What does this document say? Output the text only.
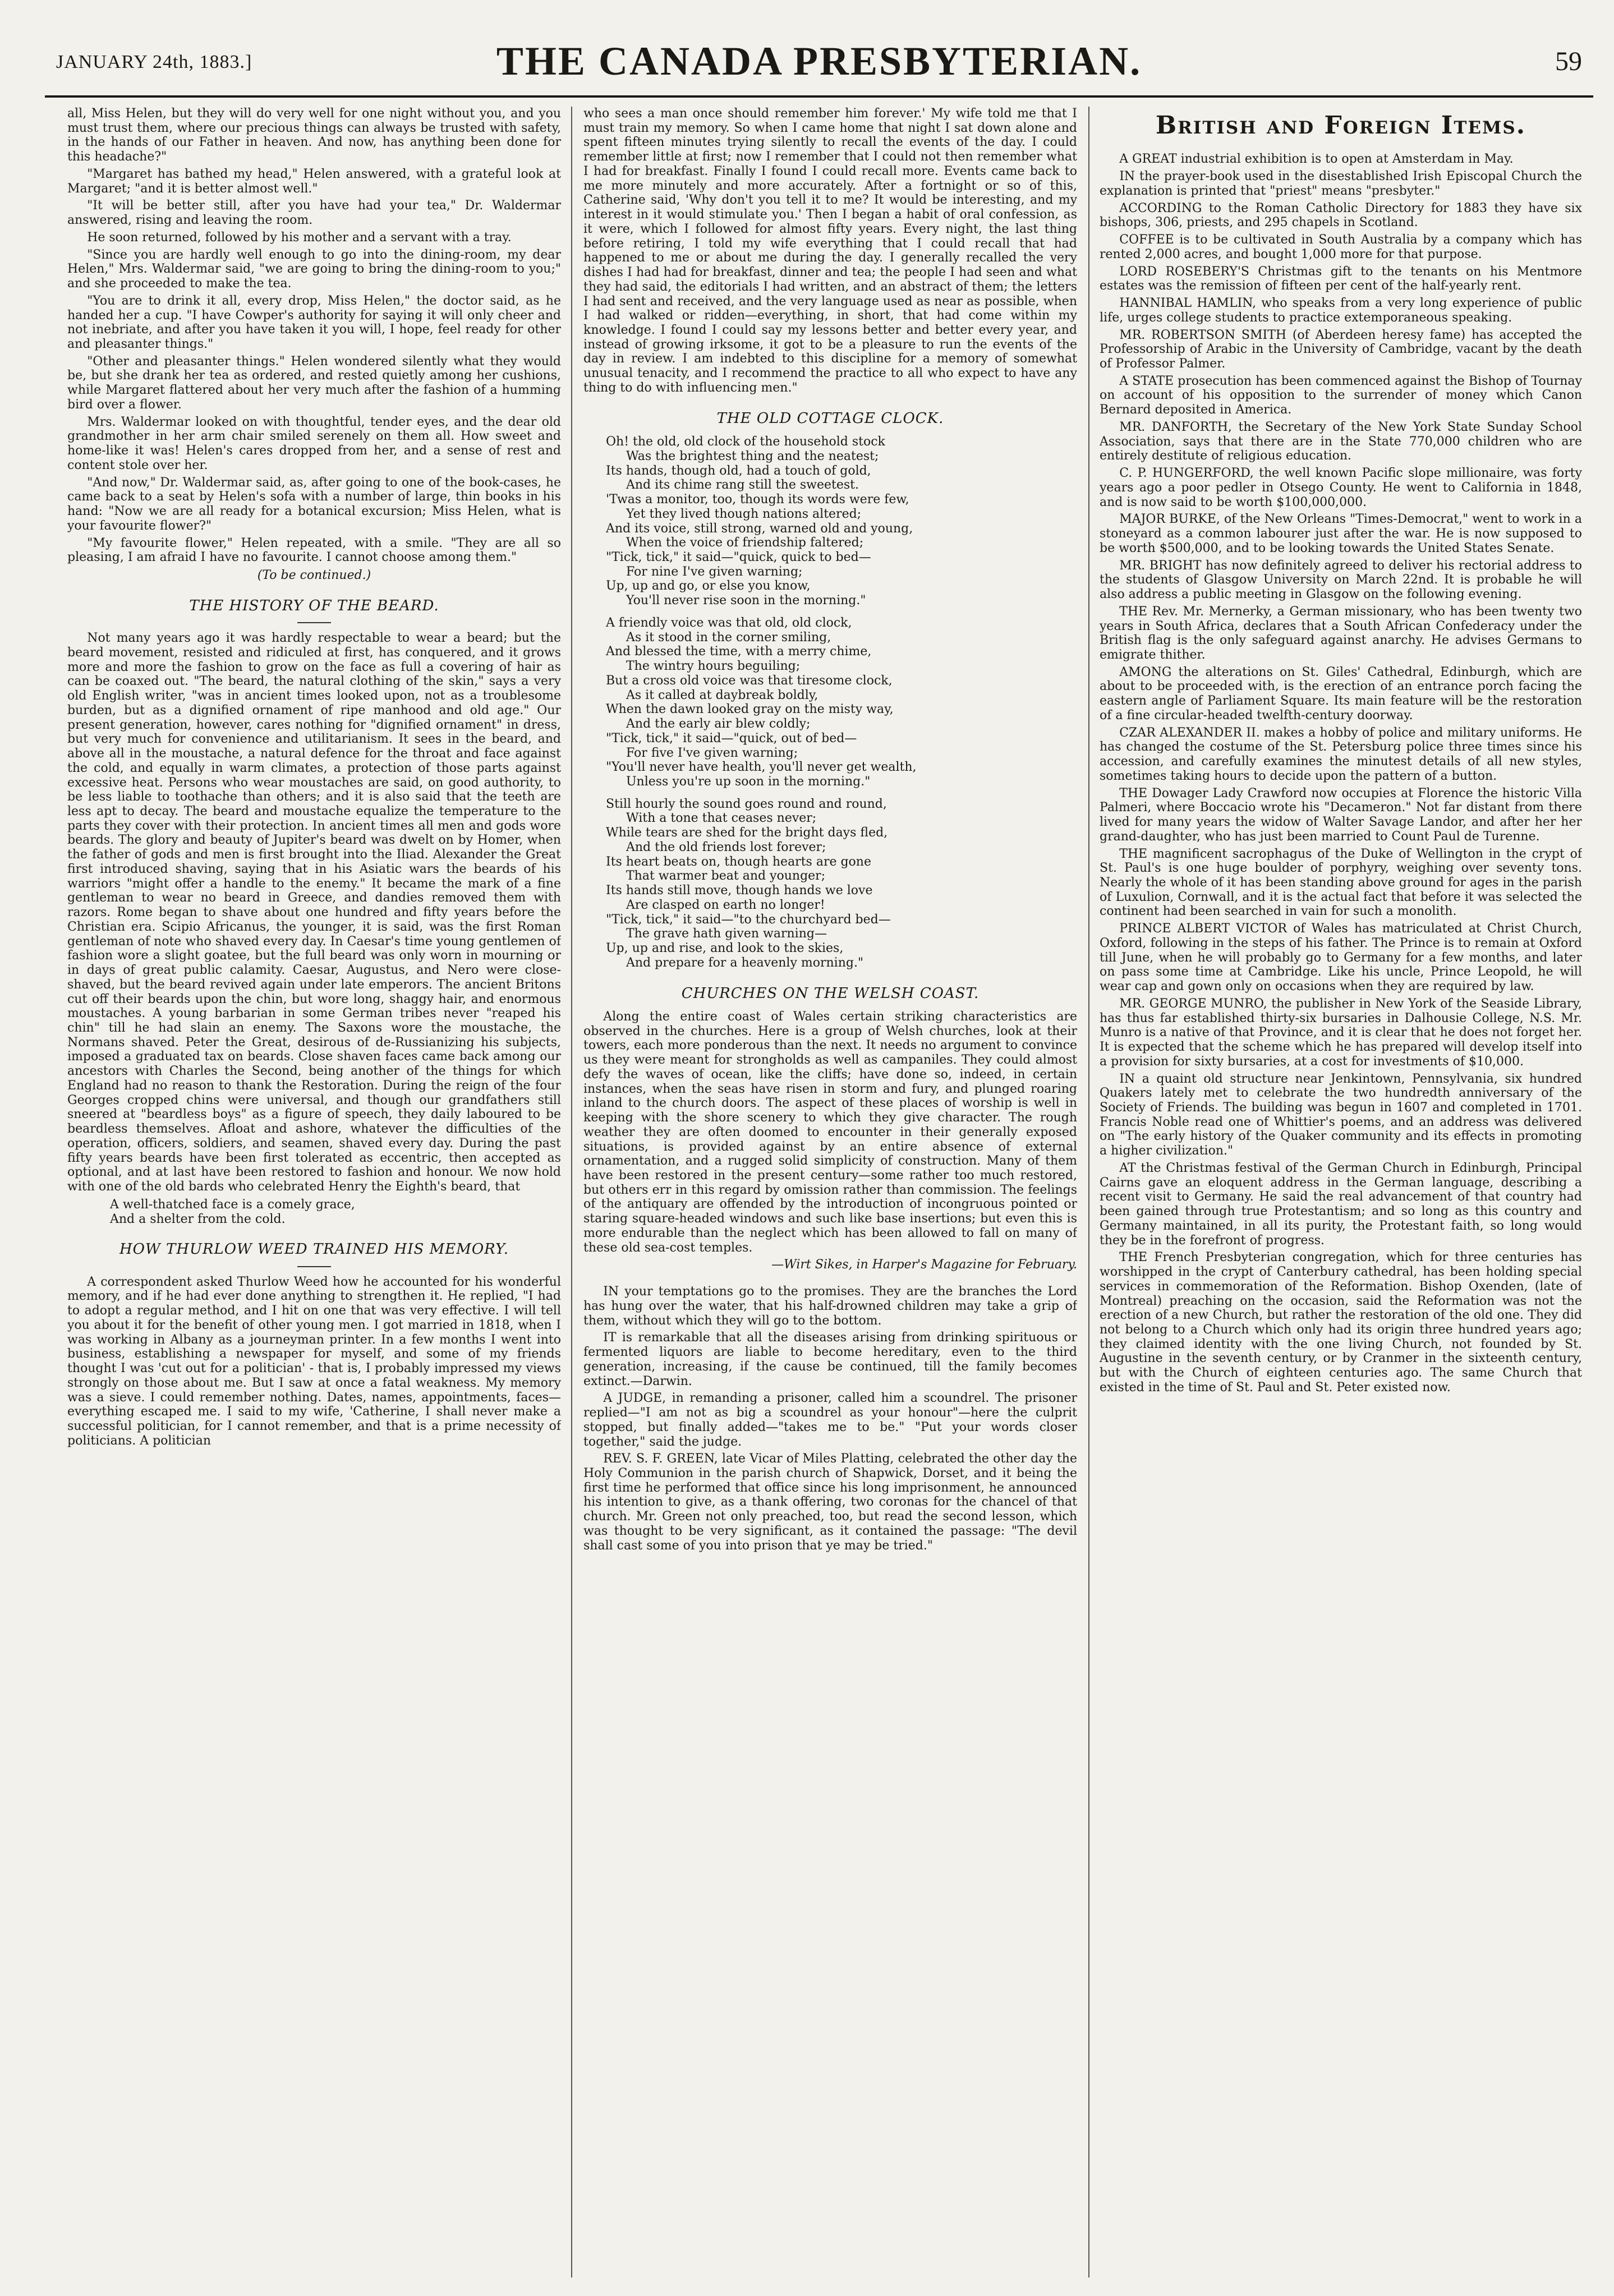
JANUARY 24th, 1883.]	THE CANADA PRESBYTERIAN.	59

all, Miss Helen, but they will do very well for one night without you, and you must trust them, where our precious things can always be trusted with safety, in the hands of our Father in heaven. And now, has anything been done for this headache?"

"Margaret has bathed my head," Helen answered, with a grateful look at Margaret; "and it is better almost well."

"It will be better still, after you have had your tea," Dr. Waldermar answered, rising and leaving the room.

He soon returned, followed by his mother and a servant with a tray.

"Since you are hardly well enough to go into the dining-room, my dear Helen," Mrs. Waldermar said, "we are going to bring the dining-room to you;" and she proceeded to make the tea.

"You are to drink it all, every drop, Miss Helen," the doctor said, as he handed her a cup. "I have Cowper's authority for saying it will only cheer and not inebriate, and after you have taken it you will, I hope, feel ready for other and pleasanter things."

"Other and pleasanter things." Helen wondered silently what they would be, but she drank her tea as ordered, and rested quietly among her cushions, while Margaret flattered about her very much after the fashion of a humming bird over a flower.

Mrs. Waldermar looked on with thoughtful, tender eyes, and the dear old grandmother in her arm chair smiled serenely on them all. How sweet and home-like it was! Helen's cares dropped from her, and a sense of rest and content stole over her.

"And now," Dr. Waldermar said, as, after going to one of the book-cases, he came back to a seat by Helen's sofa with a number of large, thin books in his hand: "Now we are all ready for a botanical excursion; Miss Helen, what is your favourite flower?"

"My favourite flower," Helen repeated, with a smile. "They are all so pleasing, I am afraid I have no favourite. I cannot choose among them."

(To be continued.)
THE HISTORY OF THE BEARD.

Not many years ago it was hardly respectable to wear a beard; but the beard movement, resisted and ridiculed at first, has conquered, and it grows more and more the fashion to grow on the face as full a covering of hair as can be coaxed out. "The beard, the natural clothing of the skin," says a very old English writer, "was in ancient times looked upon, not as a troublesome burden, but as a dignified ornament of ripe manhood and old age." Our present generation, however, cares nothing for "dignified ornament" in dress, but very much for convenience and utilitarianism. It sees in the beard, and above all in the moustache, a natural defence for the throat and face against the cold, and equally in warm climates, a protection of those parts against excessive heat. Persons who wear moustaches are said, on good authority, to be less liable to toothache than others; and it is also said that the teeth are less apt to decay. The beard and moustache equalize the temperature to the parts they cover with their protection. In ancient times all men and gods wore beards. The glory and beauty of Jupiter's beard was dwelt on by Homer, when the father of gods and men is first brought into the Iliad. Alexander the Great first introduced shaving, saying that in his Asiatic wars the beards of his warriors "might offer a handle to the enemy." It became the mark of a fine gentleman to wear no beard in Greece, and dandies removed them with razors. Rome began to shave about one hundred and fifty years before the Christian era. Scipio Africanus, the younger, it is said, was the first Roman gentleman of note who shaved every day. In Caesar's time young gentlemen of fashion wore a slight goatee, but the full beard was only worn in mourning or in days of great public calamity. Caesar, Augustus, and Nero were close-shaved, but the beard revived again under late emperors. The ancient Britons cut off their beards upon the chin, but wore long, shaggy hair, and enormous moustaches. A young barbarian in some German tribes never "reaped his chin" till he had slain an enemy. The Saxons wore the moustache, the Normans shaved. Peter the Great, desirous of de-Russianizing his subjects, imposed a graduated tax on beards. Close shaven faces came back among our ancestors with Charles the Second, being another of the things for which England had no reason to thank the Restoration. During the reign of the four Georges cropped chins were universal, and though our grandfathers still sneered at "beardless boys" as a figure of speech, they daily laboured to be beardless themselves. Afloat and ashore, whatever the difficulties of the operation, officers, soldiers, and seamen, shaved every day. During the past fifty years beards have been first tolerated as eccentric, then accepted as optional, and at last have been restored to fashion and honour. We now hold with one of the old bards who celebrated Henry the Eighth's beard, that

A well-thatched face is a comely grace,
And a shelter from the cold.
HOW THURLOW WEED TRAINED HIS MEMORY.

A correspondent asked Thurlow Weed how he accounted for his wonderful memory, and if he had ever done anything to strengthen it. He replied, "I had to adopt a regular method, and I hit on one that was very effective. I will tell you about it for the benefit of other young men. I got married in 1818, when I was working in Albany as a journeyman printer. In a few months I went into business, establishing a newspaper for myself, and some of my friends thought I was 'cut out for a politician' - that is, I probably impressed my views strongly on those about me. But I saw at once a fatal weakness. My memory was a sieve. I could remember nothing. Dates, names, appointments, faces—everything escaped me. I said to my wife, 'Catherine, I shall never make a successful politician, for I cannot remember, and that is a prime necessity of politicians. A politician

who sees a man once should remember him forever.' My wife told me that I must train my memory. So when I came home that night I sat down alone and spent fifteen minutes trying silently to recall the events of the day. I could remember little at first; now I remember that I could not then remember what I had for breakfast. Finally I found I could recall more. Events came back to me more minutely and more accurately. After a fortnight or so of this, Catherine said, 'Why don't you tell it to me? It would be interesting, and my interest in it would stimulate you.' Then I began a habit of oral confession, as it were, which I followed for almost fifty years. Every night, the last thing before retiring, I told my wife everything that I could recall that had happened to me or about me during the day. I generally recalled the very dishes I had had for breakfast, dinner and tea; the people I had seen and what they had said, the editorials I had written, and an abstract of them; the letters I had sent and received, and the very language used as near as possible, when I had walked or ridden—everything, in short, that had come within my knowledge. I found I could say my lessons better and better every year, and instead of growing irksome, it got to be a pleasure to run the events of the day in review. I am indebted to this discipline for a memory of somewhat unusual tenacity, and I recommend the practice to all who expect to have any thing to do with influencing men."

THE OLD COTTAGE CLOCK.
Oh! the old, old clock of the household stock
Was the brightest thing and the neatest;
Its hands, though old, had a touch of gold,
And its chime rang still the sweetest.
'Twas a monitor, too, though its words were few,
Yet they lived though nations altered;
And its voice, still strong, warned old and young,
When the voice of friendship faltered;
"Tick, tick," it said—"quick, quick to bed—
For nine I've given warning;
Up, up and go, or else you know,
You'll never rise soon in the morning."
A friendly voice was that old, old clock,
As it stood in the corner smiling,
And blessed the time, with a merry chime,
The wintry hours beguiling;
But a cross old voice was that tiresome clock,
As it called at daybreak boldly,
When the dawn looked gray on the misty way,
And the early air blew coldly;
"Tick, tick," it said—"quick, out of bed—
For five I've given warning;
"You'll never have health, you'll never get wealth,
Unless you're up soon in the morning."
Still hourly the sound goes round and round,
With a tone that ceases never;
While tears are shed for the bright days fled,
And the old friends lost forever;
Its heart beats on, though hearts are gone
That warmer beat and younger;
Its hands still move, though hands we love
Are clasped on earth no longer!
"Tick, tick," it said—"to the churchyard bed—
The grave hath given warning—
Up, up and rise, and look to the skies,
And prepare for a heavenly morning."
CHURCHES ON THE WELSH COAST.

Along the entire coast of Wales certain striking characteristics are observed in the churches. Here is a group of Welsh churches, look at their towers, each more ponderous than the next. It needs no argument to convince us they were meant for strongholds as well as campaniles. They could almost defy the waves of ocean, like the cliffs; have done so, indeed, in certain instances, when the seas have risen in storm and fury, and plunged roaring inland to the church doors. The aspect of these places of worship is well in keeping with the shore scenery to which they give character. The rough weather they are often doomed to encounter in their generally exposed situations, is provided against by an entire absence of external ornamentation, and a rugged solid simplicity of construction. Many of them have been restored in the present century—some rather too much restored, but others err in this regard by omission rather than commission. The feelings of the antiquary are offended by the introduction of incongruous pointed or staring square-headed windows and such like base insertions; but even this is more endurable than the neglect which has been allowed to fall on many of these old sea-cost temples.

—Wirt Sikes, in Harper's Magazine for February.

IN your temptations go to the promises. They are the branches the Lord has hung over the water, that his half-drowned children may take a grip of them, without which they will go to the bottom.

IT is remarkable that all the diseases arising from drinking spirituous or fermented liquors are liable to become hereditary, even to the third generation, increasing, if the cause be continued, till the family becomes extinct.—Darwin.

A JUDGE, in remanding a prisoner, called him a scoundrel. The prisoner replied—"I am not as big a scoundrel as your honour"—here the culprit stopped, but finally added—"takes me to be." "Put your words closer together," said the judge.

REV. S. F. GREEN, late Vicar of Miles Platting, celebrated the other day the Holy Communion in the parish church of Shapwick, Dorset, and it being the first time he performed that office since his long imprisonment, he announced his intention to give, as a thank offering, two coronas for the chancel of that church. Mr. Green not only preached, too, but read the second lesson, which was thought to be very significant, as it contained the passage: "The devil shall cast some of you into prison that ye may be tried."

British and Foreign Items.

A GREAT industrial exhibition is to open at Amsterdam in May.

IN the prayer-book used in the disestablished Irish Episcopal Church the explanation is printed that "priest" means "presbyter."

ACCORDING to the Roman Catholic Directory for 1883 they have six bishops, 306, priests, and 295 chapels in Scotland.

COFFEE is to be cultivated in South Australia by a company which has rented 2,000 acres, and bought 1,000 more for that purpose.

LORD ROSEBERY'S Christmas gift to the tenants on his Mentmore estates was the remission of fifteen per cent of the half-yearly rent.

HANNIBAL HAMLIN, who speaks from a very long experience of public life, urges college students to practice extemporaneous speaking.

MR. ROBERTSON SMITH (of Aberdeen heresy fame) has accepted the Professorship of Arabic in the University of Cambridge, vacant by the death of Professor Palmer.

A STATE prosecution has been commenced against the Bishop of Tournay on account of his opposition to the surrender of money which Canon Bernard deposited in America.

MR. DANFORTH, the Secretary of the New York State Sunday School Association, says that there are in the State 770,000 children who are entirely destitute of religious education.

C. P. HUNGERFORD, the well known Pacific slope millionaire, was forty years ago a poor pedler in Otsego County. He went to California in 1848, and is now said to be worth $100,000,000.

MAJOR BURKE, of the New Orleans "Times-Democrat," went to work in a stoneyard as a common labourer just after the war. He is now supposed to be worth $500,000, and to be looking towards the United States Senate.

MR. BRIGHT has now definitely agreed to deliver his rectorial address to the students of Glasgow University on March 22nd. It is probable he will also address a public meeting in Glasgow on the following evening.

THE Rev. Mr. Mernerky, a German missionary, who has been twenty two years in South Africa, declares that a South African Confederacy under the British flag is the only safeguard against anarchy. He advises Germans to emigrate thither.

AMONG the alterations on St. Giles' Cathedral, Edinburgh, which are about to be proceeded with, is the erection of an entrance porch facing the eastern angle of Parliament Square. Its main feature will be the restoration of a fine circular-headed twelfth-century doorway.

CZAR ALEXANDER II. makes a hobby of police and military uniforms. He has changed the costume of the St. Petersburg police three times since his accession, and carefully examines the minutest details of all new styles, sometimes taking hours to decide upon the pattern of a button.

THE Dowager Lady Crawford now occupies at Florence the historic Villa Palmeri, where Boccacio wrote his "Decameron." Not far distant from there lived for many years the widow of Walter Savage Landor, and after her her grand-daughter, who has just been married to Count Paul de Turenne.

THE magnificent sacrophagus of the Duke of Wellington in the crypt of St. Paul's is one huge boulder of porphyry, weighing over seventy tons. Nearly the whole of it has been standing above ground for ages in the parish of Luxulion, Cornwall, and it is the actual fact that before it was selected the continent had been searched in vain for such a monolith.

PRINCE ALBERT VICTOR of Wales has matriculated at Christ Church, Oxford, following in the steps of his father. The Prince is to remain at Oxford till June, when he will probably go to Germany for a few months, and later on pass some time at Cambridge. Like his uncle, Prince Leopold, he will wear cap and gown only on occasions when they are required by law.

MR. GEORGE MUNRO, the publisher in New York of the Seaside Library, has thus far established thirty-six bursaries in Dalhousie College, N.S. Mr. Munro is a native of that Province, and it is clear that he does not forget her. It is expected that the scheme which he has prepared will develop itself into a provision for sixty bursaries, at a cost for investments of $10,000.

IN a quaint old structure near Jenkintown, Pennsylvania, six hundred Quakers lately met to celebrate the two hundredth anniversary of the Society of Friends. The building was begun in 1607 and completed in 1701. Francis Noble read one of Whittier's poems, and an address was delivered on "The early history of the Quaker community and its effects in promoting a higher civilization."

AT the Christmas festival of the German Church in Edinburgh, Principal Cairns gave an eloquent address in the German language, describing a recent visit to Germany. He said the real advancement of that country had been gained through true Protestantism; and so long as this country and Germany maintained, in all its purity, the Protestant faith, so long would they be in the forefront of progress.

THE French Presbyterian congregation, which for three centuries has worshipped in the crypt of Canterbury cathedral, has been holding special services in commemoration of the Reformation. Bishop Oxenden, (late of Montreal) preaching on the occasion, said the Reformation was not the erection of a new Church, but rather the restoration of the old one. They did not belong to a Church which only had its origin three hundred years ago; they claimed identity with the one living Church, not founded by St. Augustine in the seventh century, or by Cranmer in the sixteenth century, but with the Church of eighteen centuries ago. The same Church that existed in the time of St. Paul and St. Peter existed now.
